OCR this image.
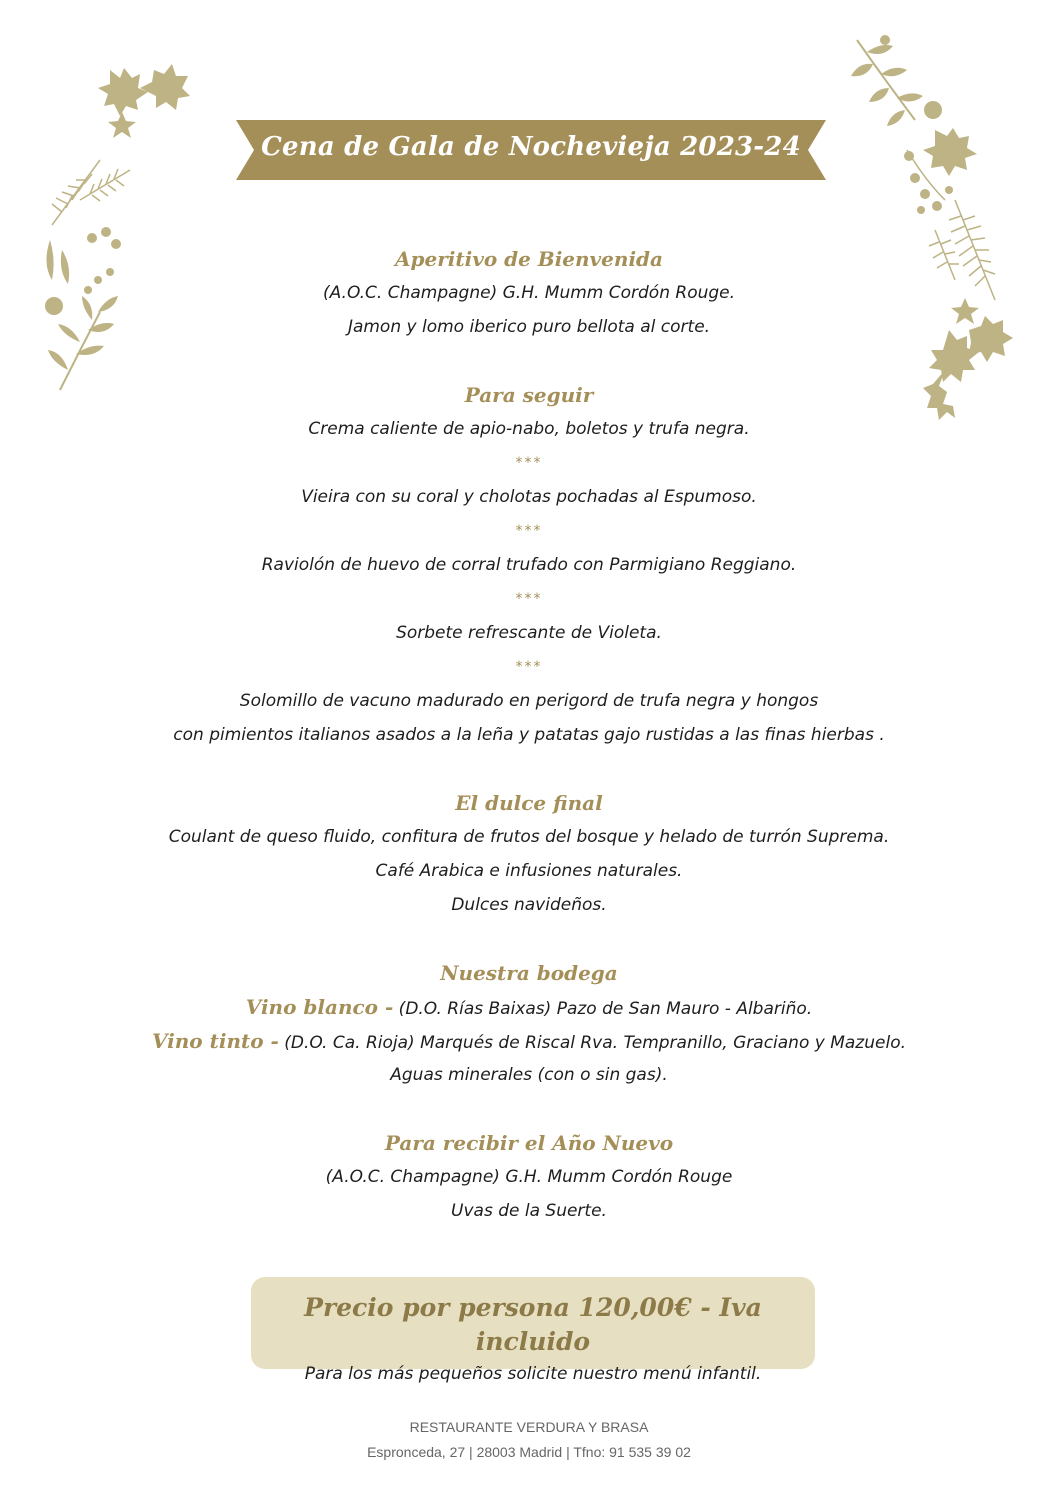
Cena de Gala de Nochevieja 2023-24
Aperitivo de Bienvenida
(A.O.C. Champagne) G.H. Mumm Cordón Rouge.
Jamon y lomo iberico puro bellota al corte.
Para seguir
Crema caliente de apio-nabo, boletos y trufa negra.
***
Vieira con su coral y cholotas pochadas al Espumoso.
***
Raviolón de huevo de corral trufado con Parmigiano Reggiano.
***
Sorbete refrescante de Violeta.
***
Solomillo de vacuno madurado en perigord de trufa negra y hongos
con pimientos italianos asados a la leña y patatas gajo rustidas a las finas hierbas .
El dulce final
Coulant de queso fluido, confitura de frutos del bosque y helado de turrón Suprema.
Café Arabica e infusiones naturales.
Dulces navideños.
Nuestra bodega
Vino blanco - (D.O. Rías Baixas) Pazo de San Mauro - Albariño.
Vino tinto - (D.O. Ca. Rioja) Marqués de Riscal Rva. Tempranillo, Graciano y Mazuelo.
Aguas minerales (con o sin gas).
Para recibir el Año Nuevo
(A.O.C. Champagne) G.H. Mumm Cordón Rouge
Uvas de la Suerte.
Precio por persona 120,00€ - Iva incluido
Para los más pequeños solicite nuestro menú infantil.
RESTAURANTE VERDURA Y BRASA
Espronceda, 27 | 28003 Madrid | Tfno: 91 535 39 02
